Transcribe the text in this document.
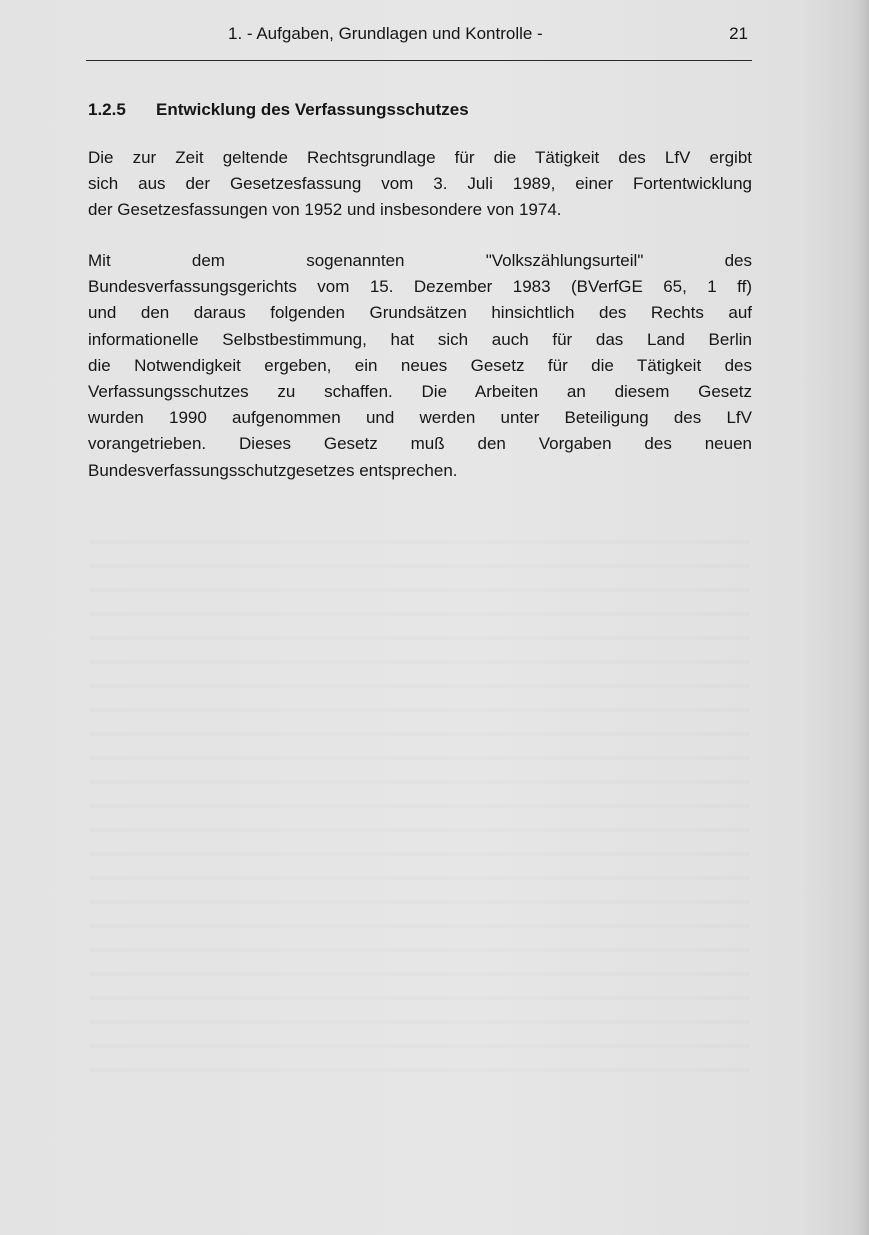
1. - Aufgaben, Grundlagen und Kontrolle -	21
1.2.5 Entwicklung des Verfassungsschutzes

Die zur Zeit geltende Rechtsgrundlage für die Tätigkeit des LfV ergibt
sich aus der Gesetzesfassung vom 3. Juli 1989, einer Fortentwicklung
der Gesetzesfassungen von 1952 und insbesondere von 1974.

Mit dem sogenannten "Volkszählungsurteil" des
Bundesverfassungsgerichts vom 15. Dezember 1983 (BVerfGE 65, 1 ff)
und den daraus folgenden Grundsätzen hinsichtlich des Rechts auf
informationelle Selbstbestimmung, hat sich auch für das Land Berlin
die Notwendigkeit ergeben, ein neues Gesetz für die Tätigkeit des
Verfassungsschutzes zu schaffen. Die Arbeiten an diesem Gesetz
wurden 1990 aufgenommen und werden unter Beteiligung des LfV
vorangetrieben. Dieses Gesetz muß den Vorgaben des neuen
Bundesverfassungsschutzgesetzes entsprechen.
